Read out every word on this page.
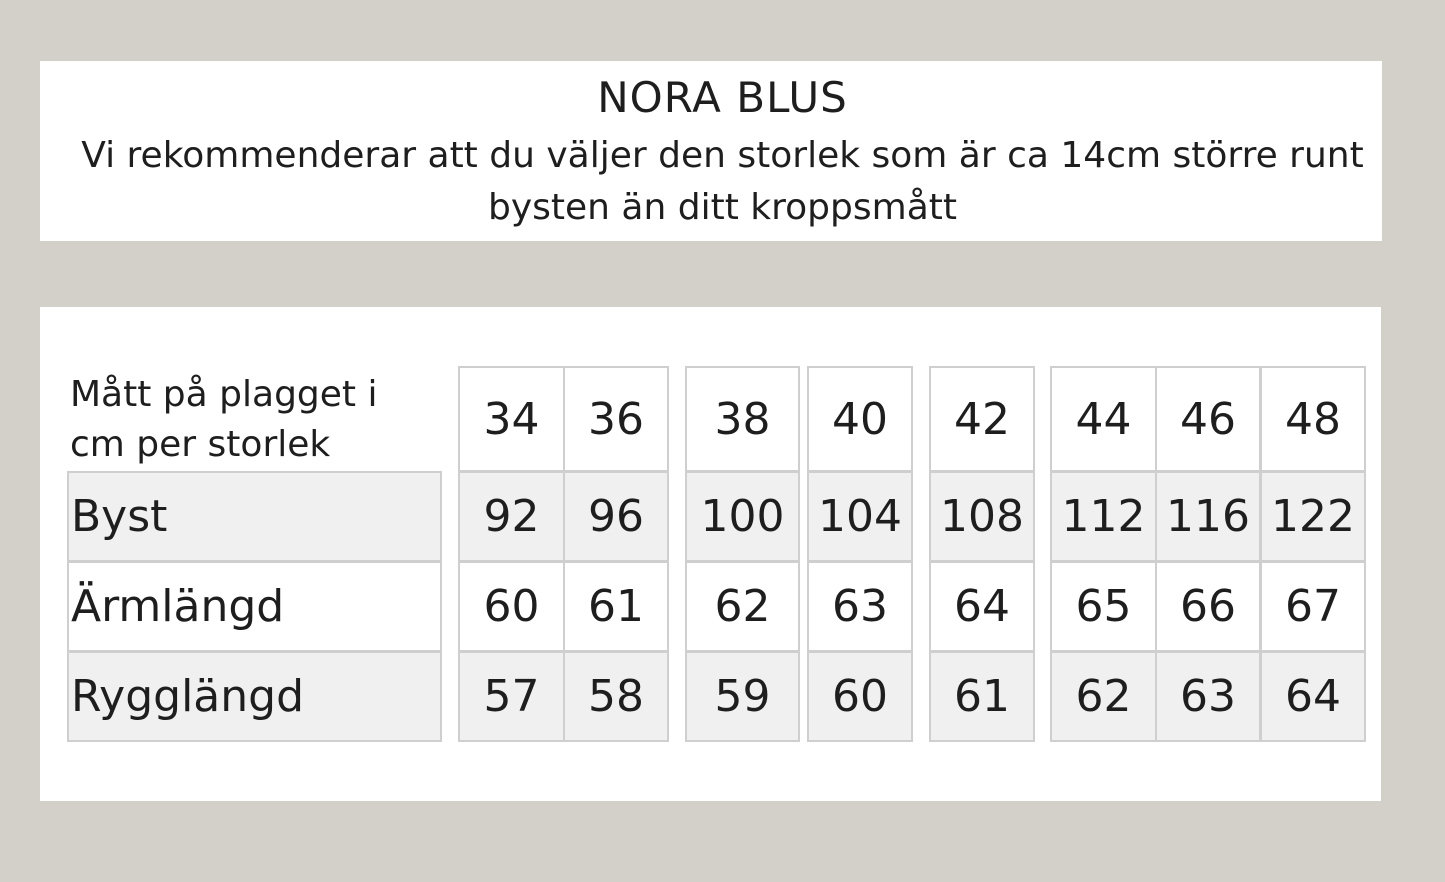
NORA BLUS

Vi rekommenderar att du väljer den storlek som är ca 14cm större runt bysten än ditt kroppsmått

Mått på plagget i cm per storlek	34	36	38	40	42	44	46	48
Byst	92	96	100 104 108 112 116 122
Ärmlängd	60	61	62	63	64	65	66	67
Rygglängd	57	58	59	60	61	62	63	64
